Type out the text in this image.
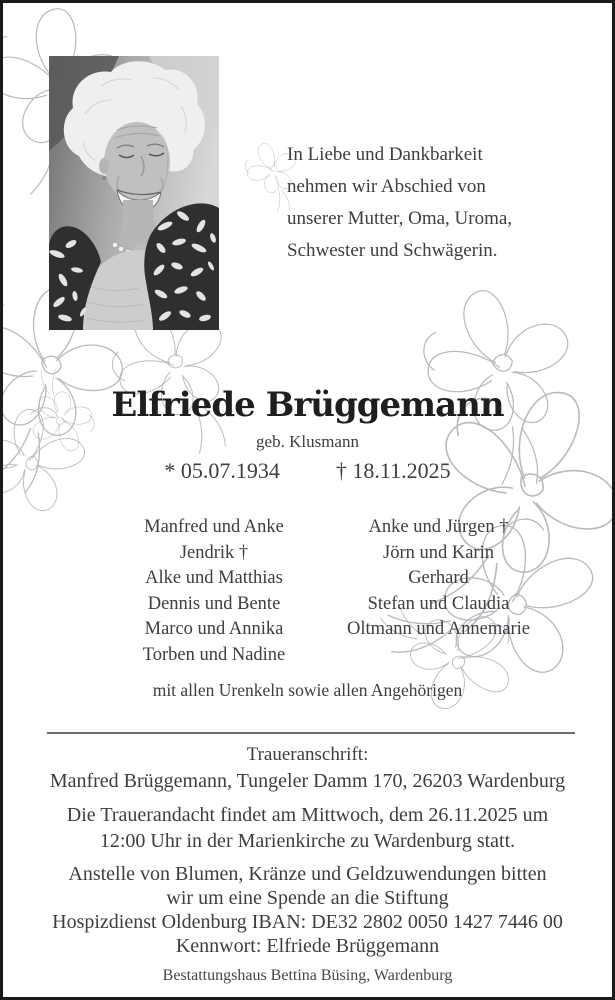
In Liebe und Dankbarkeit
nehmen wir Abschied von
unserer Mutter, Oma, Uroma,
Schwester und Schwägerin.
Elfriede Brüggemann
geb. Klusmann
* 05.07.1934	† 18.11.2025
Manfred und Anke
Jendrik †
Alke und Matthias
Dennis und Bente
Marco und Annika
Torben und Nadine
Anke und Jürgen †
Jörn und Karin
Gerhard
Stefan und Claudia
Oltmann und Annemarie
mit allen Urenkeln sowie allen Angehörigen

Traueranschrift:

Manfred Brüggemann, Tungeler Damm 170, 26203 Wardenburg

Die Trauerandacht findet am Mittwoch, dem 26.11.2025 um
12:00 Uhr in der Marienkirche zu Wardenburg statt.

Anstelle von Blumen, Kränze und Geldzuwendungen bitten
wir um eine Spende an die Stiftung
Hospizdienst Oldenburg IBAN: DE32 2802 0050 1427 7446 00
Kennwort: Elfriede Brüggemann

Bestattungshaus Bettina Büsing, Wardenburg
